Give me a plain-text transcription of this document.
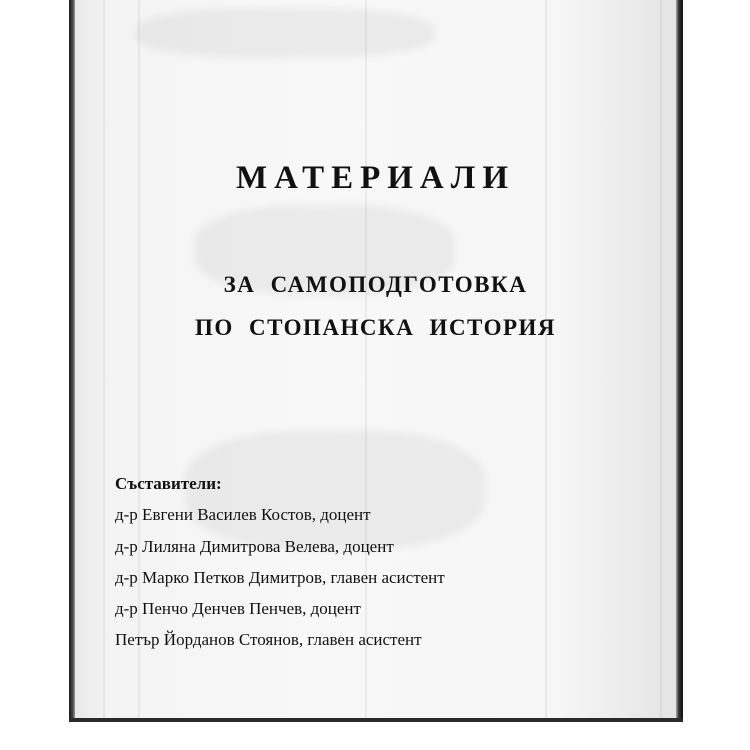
МАТЕРИАЛИ
ЗА САМОПОДГОТОВКА
ПО СТОПАНСКА ИСТОРИЯ

Съставители:

д-р Евгени Василев Костов, доцент

д-р Лиляна Димитрова Велева, доцент

д-р Марко Петков Димитров, главен асистент

д-р Пенчо Денчев Пенчев, доцент

Петър Йорданов Стоянов, главен асистент
